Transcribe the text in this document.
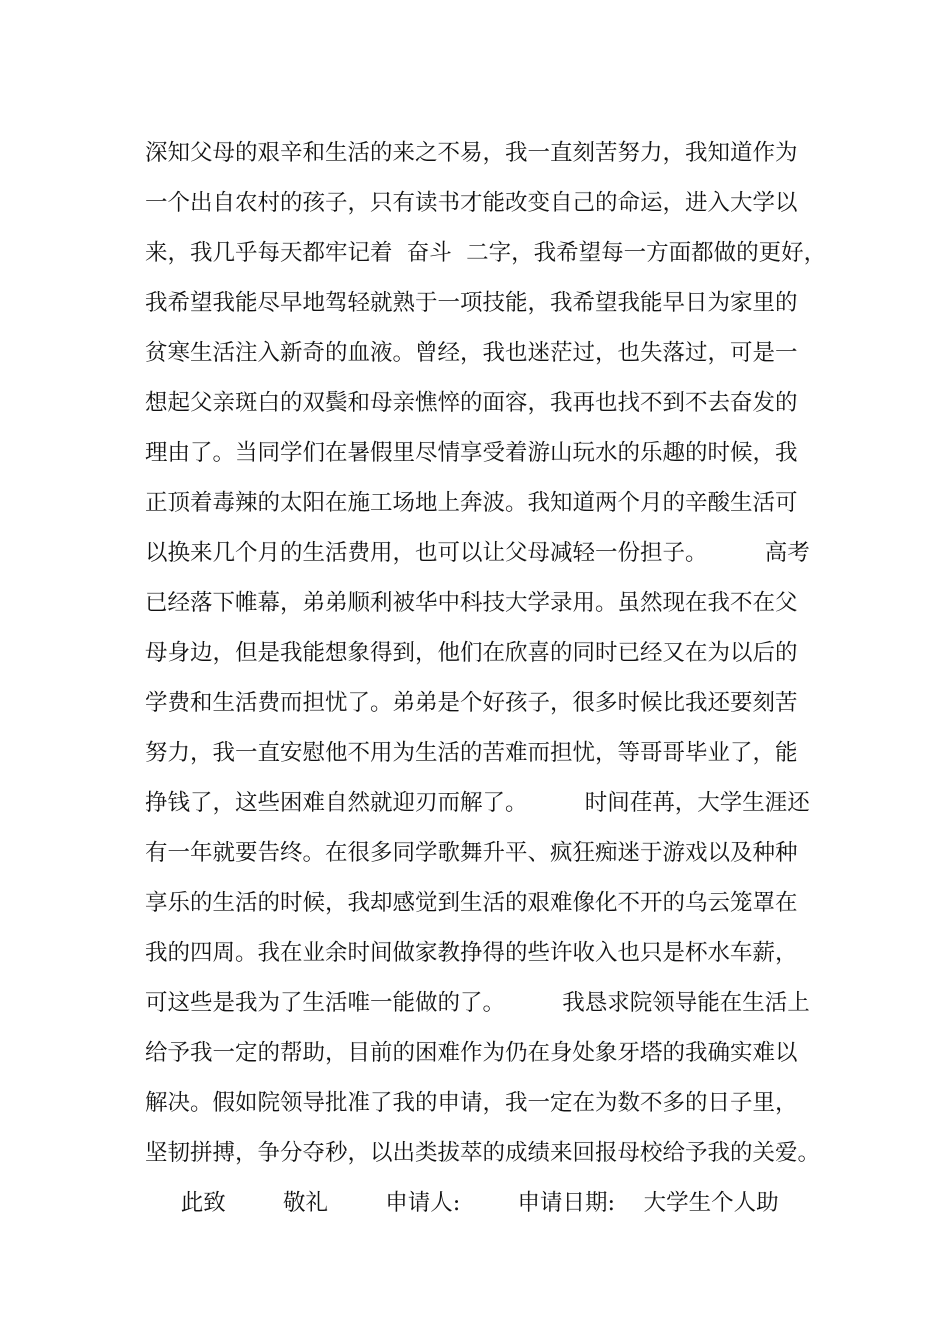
深知父母的艰辛和生活的来之不易，我一直刻苦努力，我知道作为
一个出自农村的孩子，只有读书才能改变自己的命运，进入大学以
来，我几乎每天都牢记着  奋斗  二字，我希望每一方面都做的更好，
我希望我能尽早地驾轻就熟于一项技能，我希望我能早日为家里的
贫寒生活注入新奇的血液。曾经，我也迷茫过，也失落过，可是一
想起父亲斑白的双鬓和母亲憔悴的面容，我再也找不到不去奋发的
理由了。当同学们在暑假里尽情享受着游山玩水的乐趣的时候，我
正顶着毒辣的太阳在施工场地上奔波。我知道两个月的辛酸生活可
以换来几个月的生活费用，也可以让父母减轻一份担子。        高考
已经落下帷幕，弟弟顺利被华中科技大学录用。虽然现在我不在父
母身边，但是我能想象得到，他们在欣喜的同时已经又在为以后的
学费和生活费而担忧了。弟弟是个好孩子，很多时候比我还要刻苦
努力，我一直安慰他不用为生活的苦难而担忧，等哥哥毕业了，能
挣钱了，这些困难自然就迎刃而解了。        时间荏苒，大学生涯还
有一年就要告终。在很多同学歌舞升平、疯狂痴迷于游戏以及种种
享乐的生活的时候，我却感觉到生活的艰难像化不开的乌云笼罩在
我的四周。我在业余时间做家教挣得的些许收入也只是杯水车薪，
可这些是我为了生活唯一能做的了。        我恳求院领导能在生活上
给予我一定的帮助，目前的困难作为仍在身处象牙塔的我确实难以
解决。假如院领导批准了我的申请，我一定在为数不多的日子里，
坚韧拼搏，争分夺秒，以出类拔萃的成绩来回报母校给予我的关爱。
此致        敬礼        申请人:        申请日期:    大学生个人助
